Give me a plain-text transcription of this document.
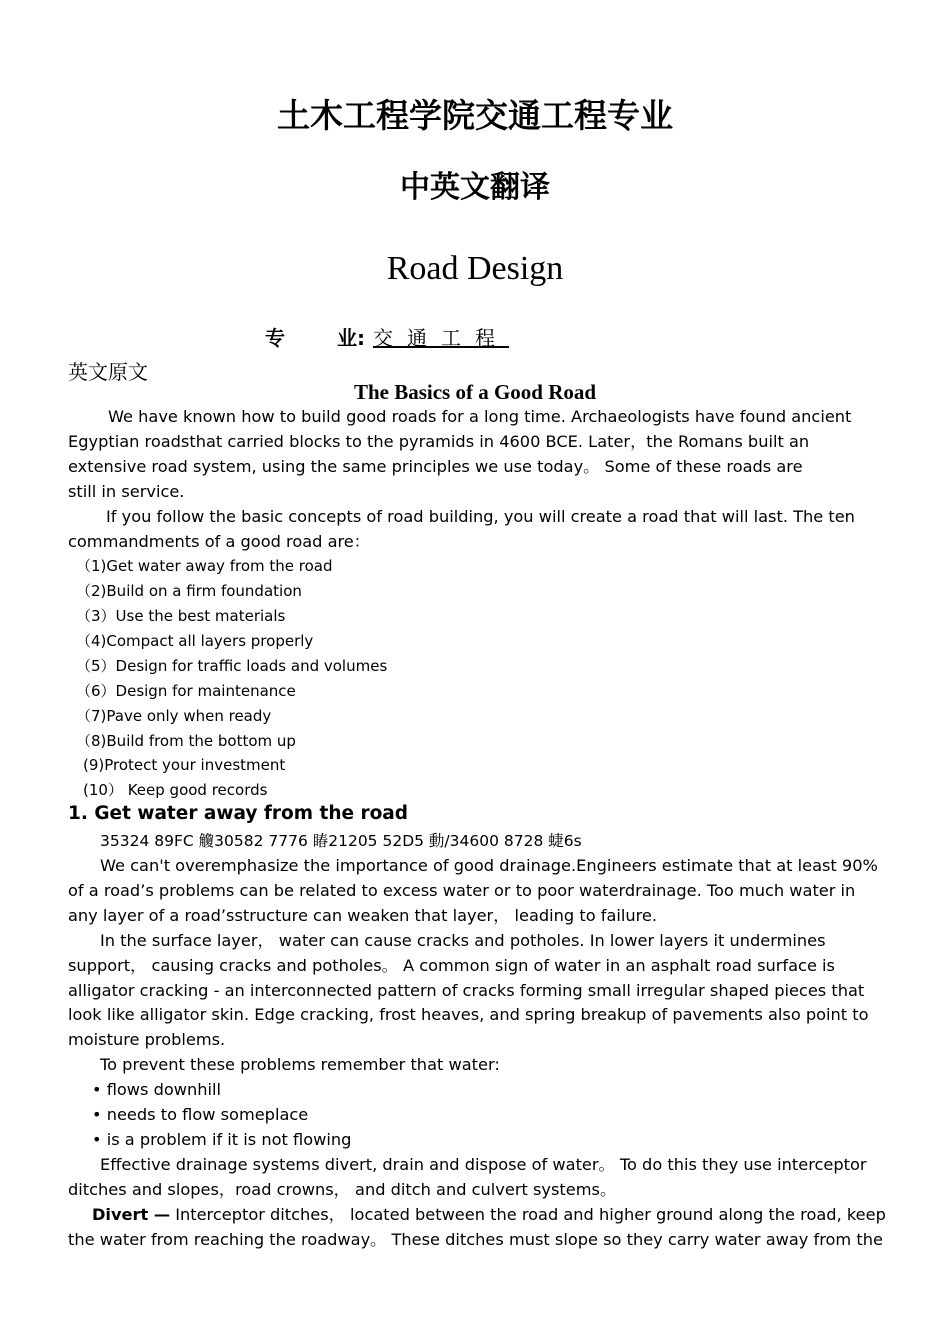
土木工程学院交通工程专业
中英文翻译
Road Design
专	业: 交通工程
英文原文
The Basics of a Good Road
We have known how to build good roads for a long time. Archaeologists have found ancient
Egyptian roadsthat carried blocks to the pyramids in 4600 BCE. Later，the Romans built an
extensive road system, using the same principles we use today。 Some of these roads are
still in service.
If you follow the basic concepts of road building, you will create a road that will last. The ten
commandments of a good road are：
（1)Get water away from the road
（2)Build on a firm foundation
（3）Use the best materials
（4)Compact all layers properly
（5）Design for traffic loads and volumes
（6）Design for maintenance
（7)Pave only when ready
（8)Build from the bottom up
(9)Protect your investment
(10） Keep good records
1. Get water away from the road
35324 89FC 觼30582 7776 睶21205 52D5 動/34600 8728 蜨6s
We can't overemphasize the importance of good drainage.Engineers estimate that at least 90%
of a road’s problems can be related to excess water or to poor waterdrainage. Too much water in
any layer of a road’sstructure can weaken that layer， leading to failure.
In the surface layer， water can cause cracks and potholes. In lower layers it undermines
support， causing cracks and potholes。 A common sign of water in an asphalt road surface is
alligator cracking - an interconnected pattern of cracks forming small irregular shaped pieces that
look like alligator skin. Edge cracking, frost heaves, and spring breakup of pavements also point to
moisture problems.
To prevent these problems remember that water:
• flows downhill
• needs to flow someplace
• is a problem if it is not flowing
Effective drainage systems divert, drain and dispose of water。 To do this they use interceptor
ditches and slopes，road crowns， and ditch and culvert systems。
Divert — Interceptor ditches， located between the road and higher ground along the road, keep
the water from reaching the roadway。 These ditches must slope so they carry water away from the
